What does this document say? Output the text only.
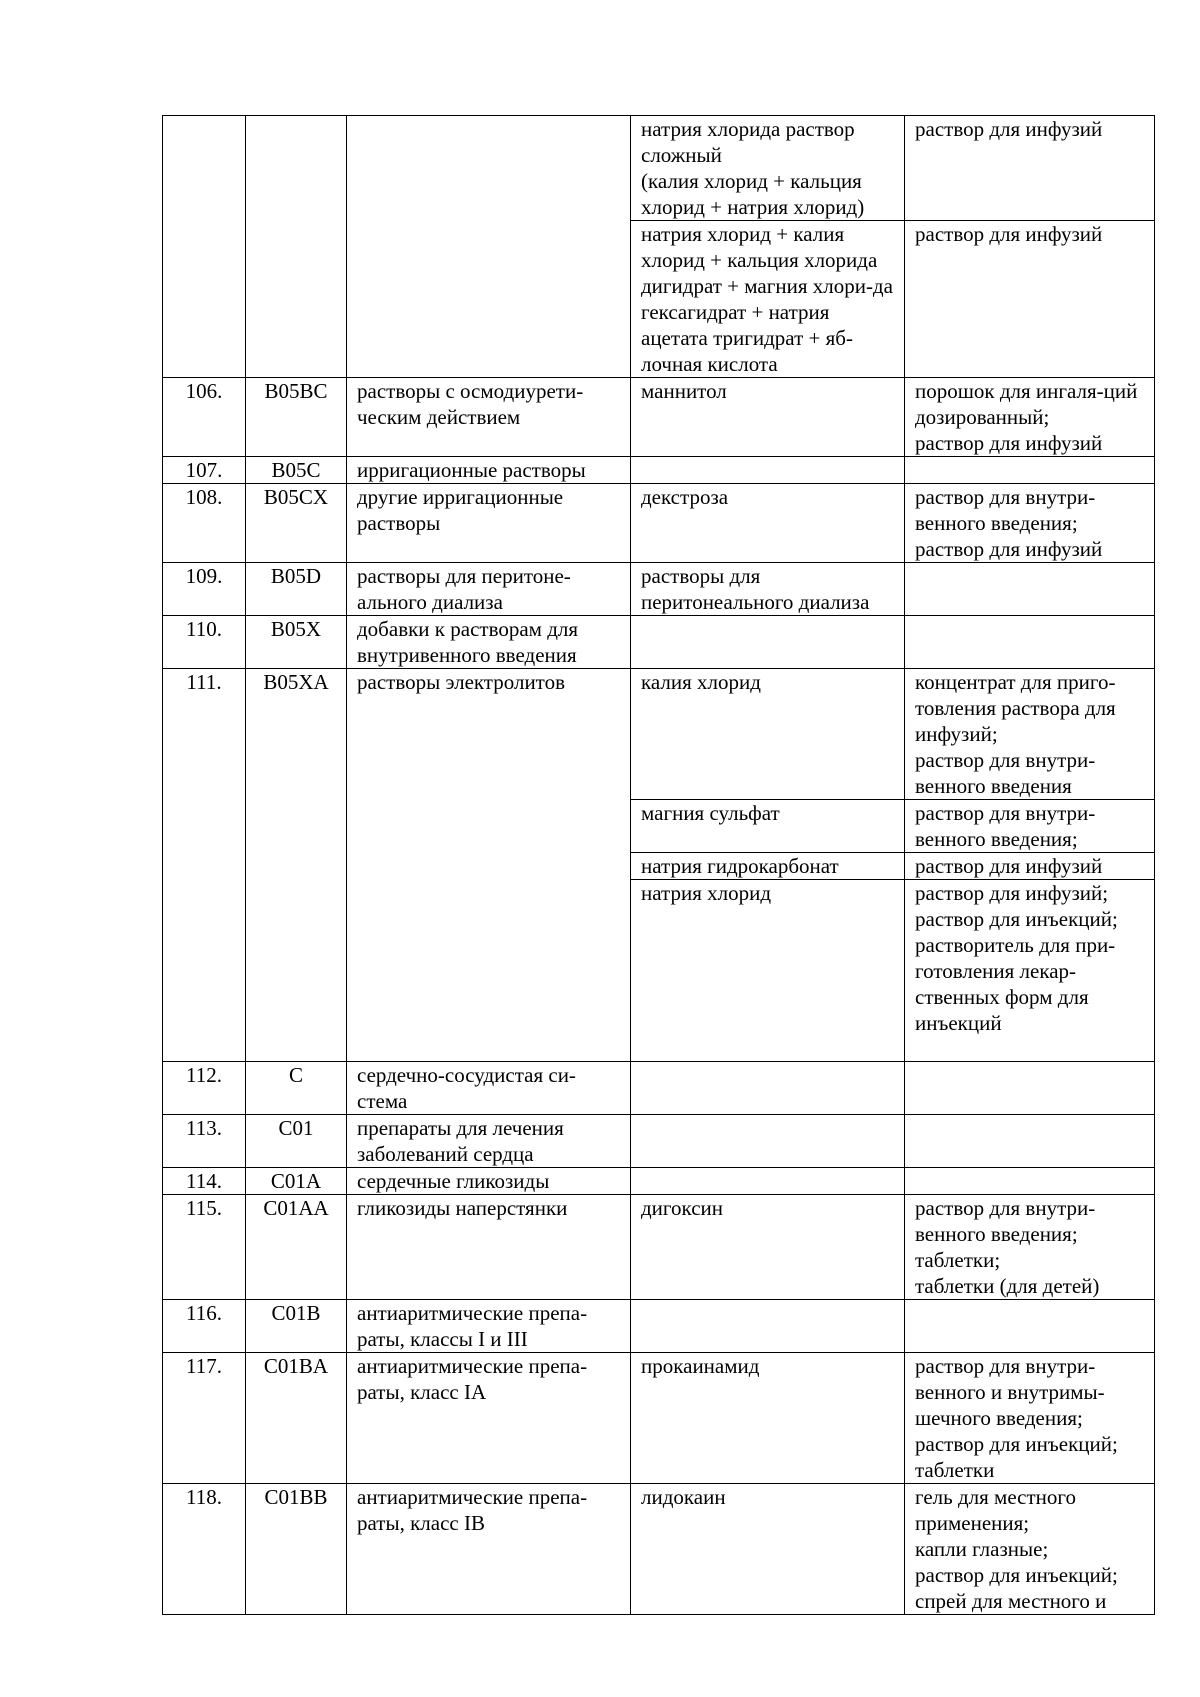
			натрия хлорида раствор сложный
(калия хлорид + кальция хлорид + натрия хлорид)	раствор для инфузий
			натрия хлорид + калия хлорид + кальция хлорида дигидрат + магния хлори-да гексагидрат + натрия ацетата тригидрат + яб-лочная кислота	раствор для инфузий
106.	B05BC	растворы с осмодиурети-ческим действием	маннитол	порошок для ингаля-ций дозированный;
раствор для инфузий
107.	B05C	ирригационные растворы		
108.	B05CX	другие ирригационные растворы	декстроза	раствор для внутри-венного введения;
раствор для инфузий
109.	B05D	растворы для перитоне-ального диализа	растворы для
перитонеального диализа	
110.	B05X	добавки к растворам для внутривенного введения		
111.	B05XA	растворы электролитов	калия хлорид	концентрат для приго-товления раствора для инфузий;
раствор для внутри-венного введения
			магния сульфат	раствор для внутри-венного введения;
			натрия гидрокарбонат	раствор для инфузий
			натрия хлорид	раствор для инфузий;
раствор для инъекций;
растворитель для при-готовления лекар-ственных форм для инъекций
112.	C	сердечно-сосудистая си-стема		
113.	C01	препараты для лечения заболеваний сердца		
114.	C01A	сердечные гликозиды		
115.	C01AA	гликозиды наперстянки	дигоксин	раствор для внутри-венного введения;
таблетки;
таблетки (для детей)
116.	C01B	антиаритмические препа-раты, классы I и III		
117.	C01BA	антиаритмические препа-раты, класс IA	прокаинамид	раствор для внутри-венного и внутримы-шечного введения;
раствор для инъекций;
таблетки
118.	C01BB	антиаритмические препа-раты, класс IB	лидокаин	гель для местного применения;
капли глазные;
раствор для инъекций;
спрей для местного и
